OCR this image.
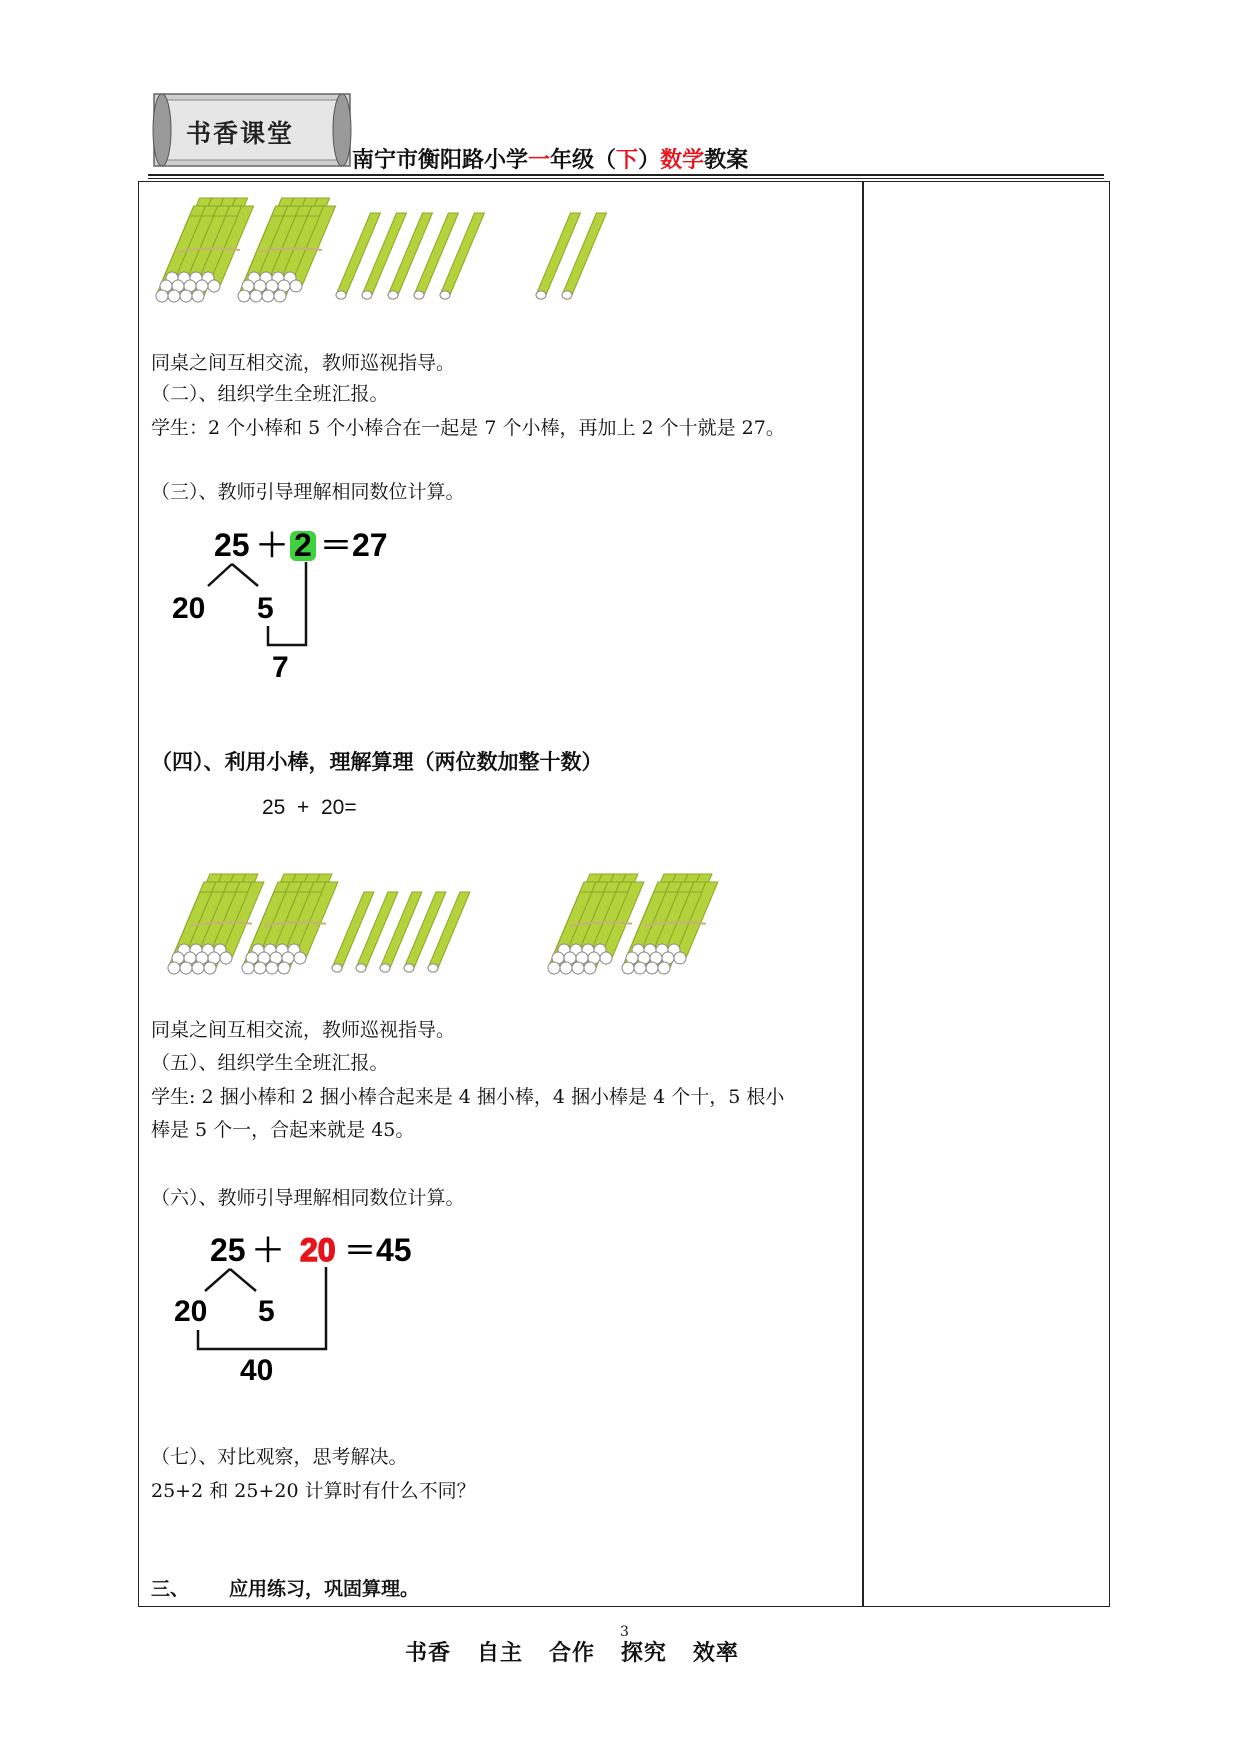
书香课堂
南宁市衡阳路小学一年级（下）数学教案
同桌之间互相交流，教师巡视指导。
（二）、组织学生全班汇报。
学生：2 个小棒和 5 个小棒合在一起是 7 个小棒，再加上 2 个十就是 27。
（三）、教师引导理解相同数位计算。
25 ＋ 2 ＝ 27
20 5
7
（四）、利用小棒，理解算理（两位数加整十数）
25  +  20=
同桌之间互相交流，教师巡视指导。
（五）、组织学生全班汇报。
学生: 2 捆小棒和 2 捆小棒合起来是 4 捆小棒，4 捆小棒是 4 个十，5 根小
棒是 5 个一，合起来就是 45。
（六）、教师引导理解相同数位计算。
25 ＋ 20 ＝ 45
20 5
40
（七）、对比观察，思考解决。
25+2 和 25+20 计算时有什么不同？
三、 应用练习，巩固算理。
书香   自主   合作   探究   效率
3
